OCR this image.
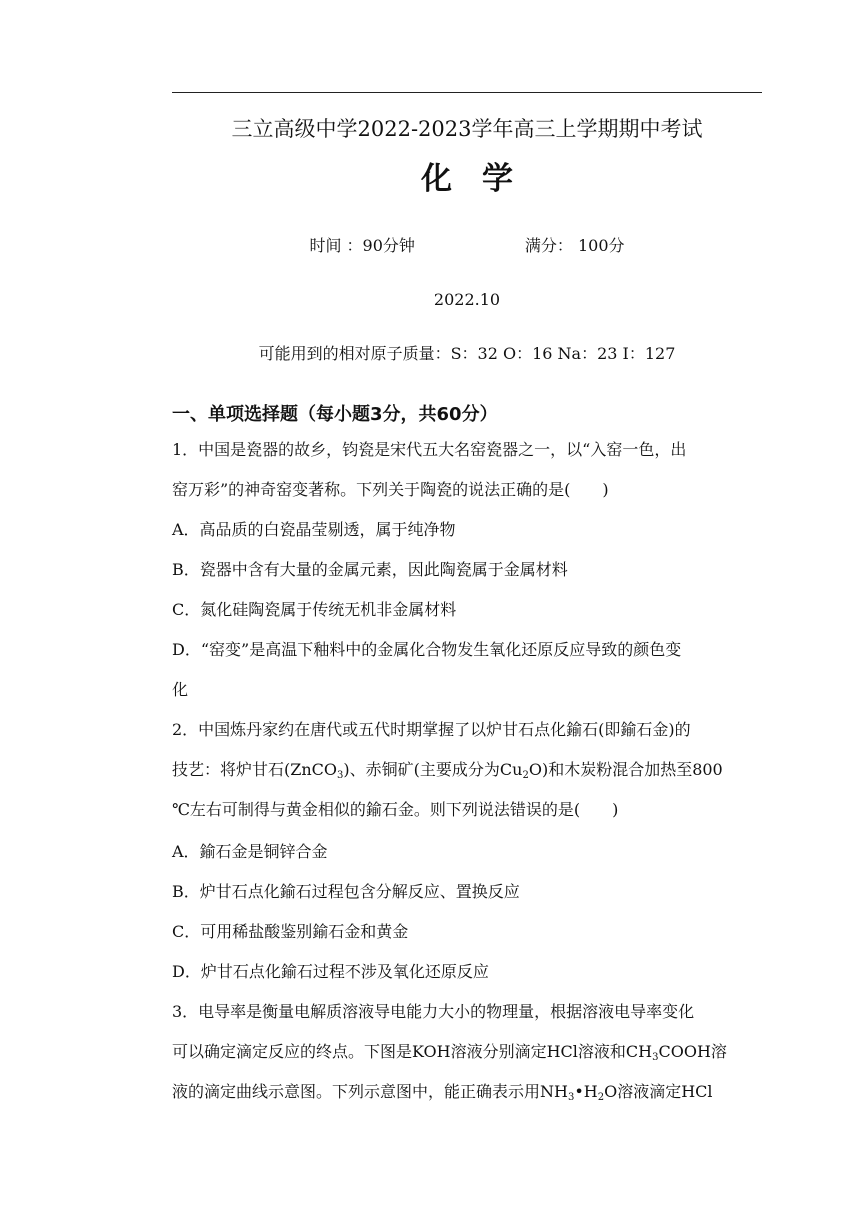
三立高级中学2022-2023学年高三上学期期中考试
化 学
时间 ：90分钟	满分： 100分
2022.10
可能用到的相对原子质量：S：32 O：16 Na：23 I：127
一、单项选择题（每小题3分，共60分）
1．中国是瓷器的故乡，钧瓷是宋代五大名窑瓷器之一，以“入窑一色，出
窑万彩”的神奇窑变著称。下列关于陶瓷的说法正确的是(　　)
A．高品质的白瓷晶莹剔透，属于纯净物
B．瓷器中含有大量的金属元素，因此陶瓷属于金属材料
C．氮化硅陶瓷属于传统无机非金属材料
D．“窑变”是高温下釉料中的金属化合物发生氧化还原反应导致的颜色变
化
2．中国炼丹家约在唐代或五代时期掌握了以炉甘石点化鍮石(即鍮石金)的
技艺：将炉甘石(ZnCO$_3$)、赤铜矿(主要成分为$Cu_2O$)和木炭粉混合加热至800
℃左右可制得与黄金相似的鍮石金。则下列说法错误的是(　　)
A．鍮石金是铜锌合金
B．炉甘石点化鍮石过程包含分解反应、置换反应
C．可用稀盐酸鉴别鍮石金和黄金
D．炉甘石点化鍮石过程不涉及氧化还原反应
3．电导率是衡量电解质溶液导电能力大小的物理量，根据溶液电导率变化
可以确定滴定反应的终点。下图是KOH溶液分别滴定HCl溶液和$CH_3COOH$溶
液的滴定曲线示意图。下列示意图中，能正确表示用$NH_3•H_2O$溶液滴定HCl
